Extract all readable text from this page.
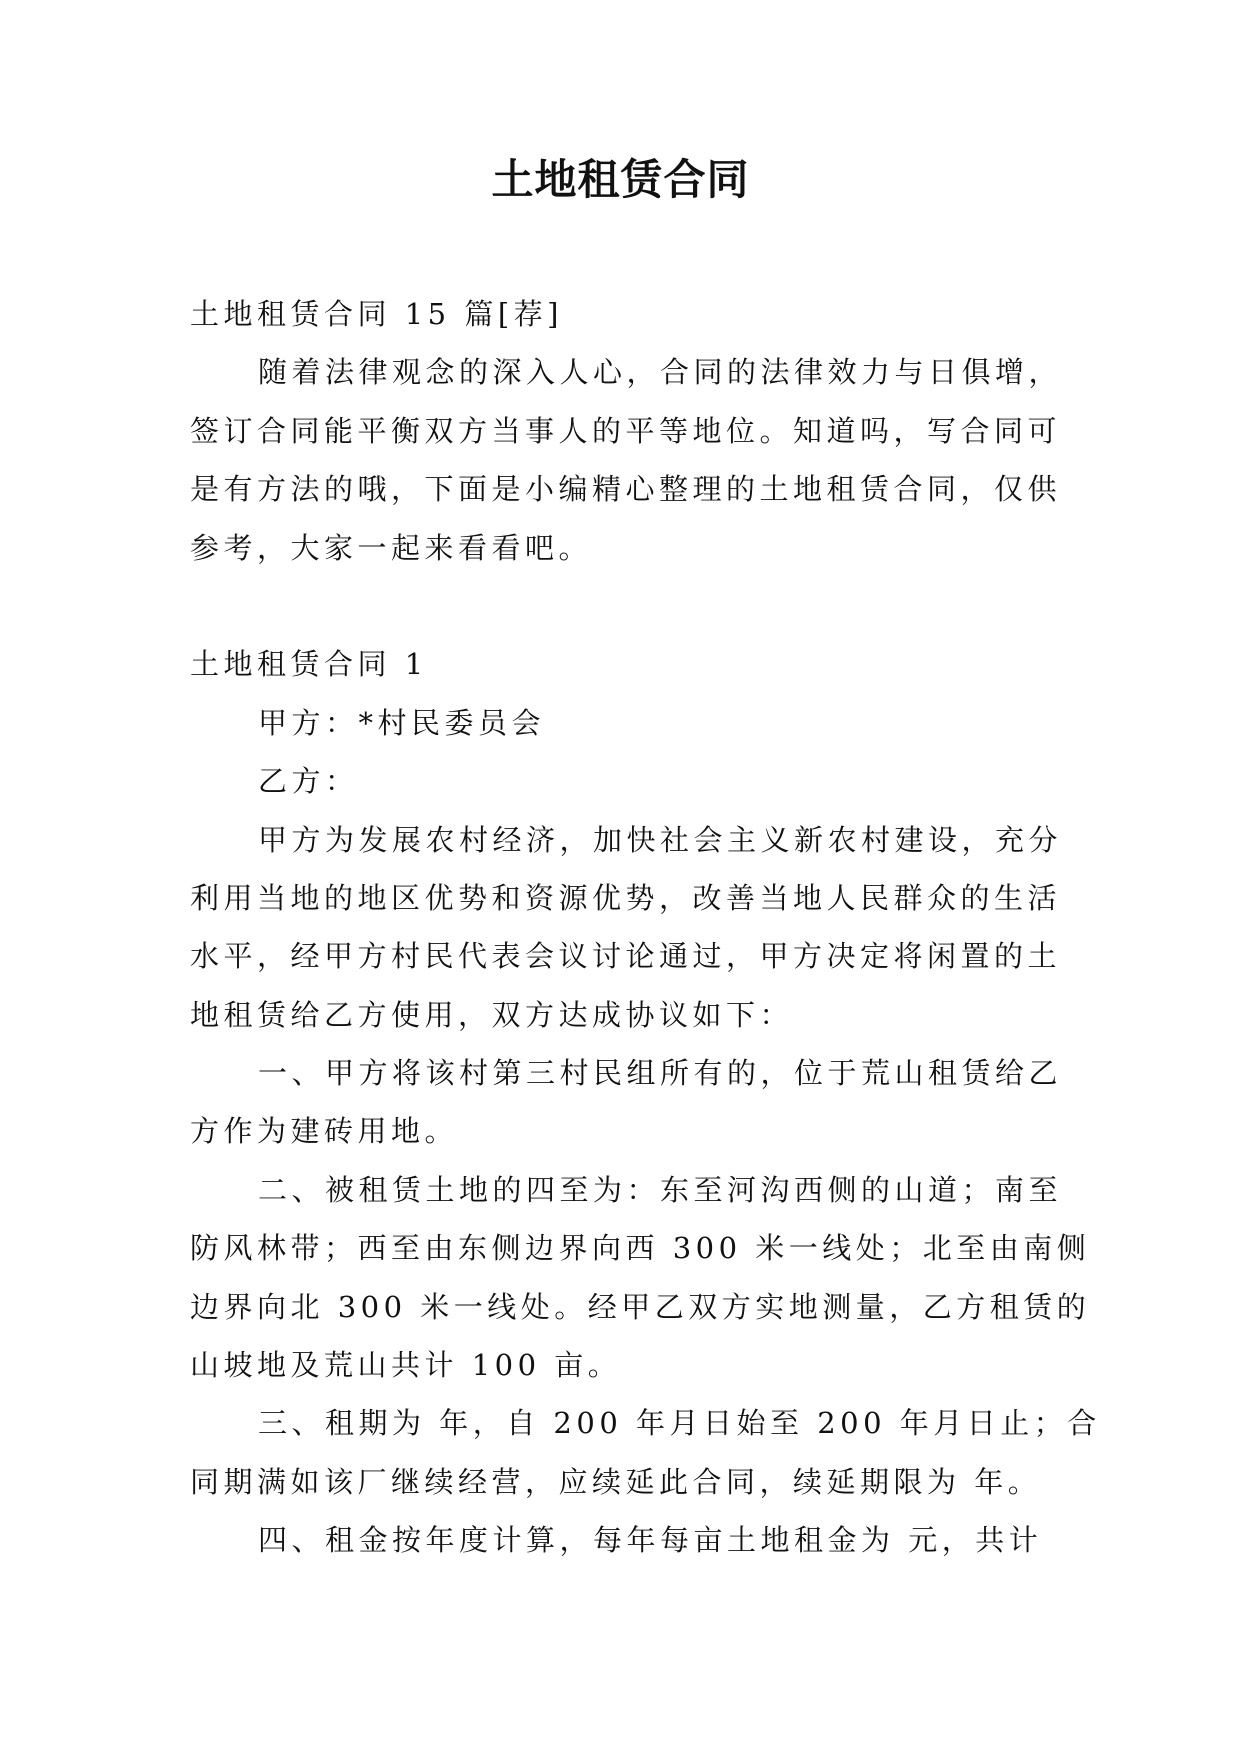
土地租赁合同

土地租赁合同 15 篇[荐]

随着法律观念的深入人心，合同的法律效力与日俱增，

签订合同能平衡双方当事人的平等地位。知道吗，写合同可

是有方法的哦，下面是小编精心整理的土地租赁合同，仅供

参考，大家一起来看看吧。

土地租赁合同 1

甲方：*村民委员会

乙方：

甲方为发展农村经济，加快社会主义新农村建设，充分

利用当地的地区优势和资源优势，改善当地人民群众的生活

水平，经甲方村民代表会议讨论通过，甲方决定将闲置的土

地租赁给乙方使用，双方达成协议如下：

一、甲方将该村第三村民组所有的，位于荒山租赁给乙

方作为建砖用地。

二、被租赁土地的四至为：东至河沟西侧的山道；南至

防风林带；西至由东侧边界向西 300 米一线处；北至由南侧

边界向北 300 米一线处。经甲乙双方实地测量，乙方租赁的

山坡地及荒山共计 100 亩。

三、租期为 年，自 200 年月日始至 200 年月日止；合

同期满如该厂继续经营，应续延此合同，续延期限为 年。

四、租金按年度计算，每年每亩土地租金为 元，共计
